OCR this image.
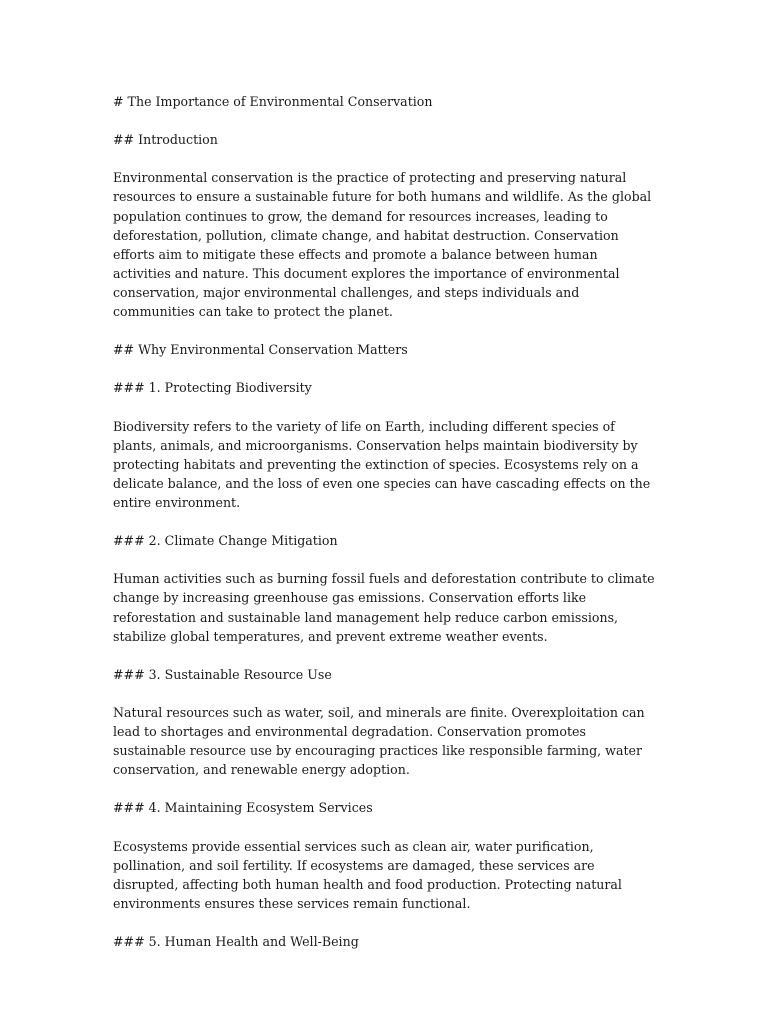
# The Importance of Environmental Conservation

## Introduction

Environmental conservation is the practice of protecting and preserving natural resources to ensure a sustainable future for both humans and wildlife. As the global population continues to grow, the demand for resources increases, leading to deforestation, pollution, climate change, and habitat destruction. Conservation efforts aim to mitigate these effects and promote a balance between human activities and nature. This document explores the importance of environmental conservation, major environmental challenges, and steps individuals and communities can take to protect the planet.

## Why Environmental Conservation Matters

### 1. Protecting Biodiversity

Biodiversity refers to the variety of life on Earth, including different species of plants, animals, and microorganisms. Conservation helps maintain biodiversity by protecting habitats and preventing the extinction of species. Ecosystems rely on a delicate balance, and the loss of even one species can have cascading effects on the entire environment.

### 2. Climate Change Mitigation

Human activities such as burning fossil fuels and deforestation contribute to climate change by increasing greenhouse gas emissions. Conservation efforts like reforestation and sustainable land management help reduce carbon emissions, stabilize global temperatures, and prevent extreme weather events.

### 3. Sustainable Resource Use

Natural resources such as water, soil, and minerals are finite. Overexploitation can lead to shortages and environmental degradation. Conservation promotes sustainable resource use by encouraging practices like responsible farming, water conservation, and renewable energy adoption.

### 4. Maintaining Ecosystem Services

Ecosystems provide essential services such as clean air, water purification, pollination, and soil fertility. If ecosystems are damaged, these services are disrupted, affecting both human health and food production. Protecting natural environments ensures these services remain functional.

### 5. Human Health and Well-Being
